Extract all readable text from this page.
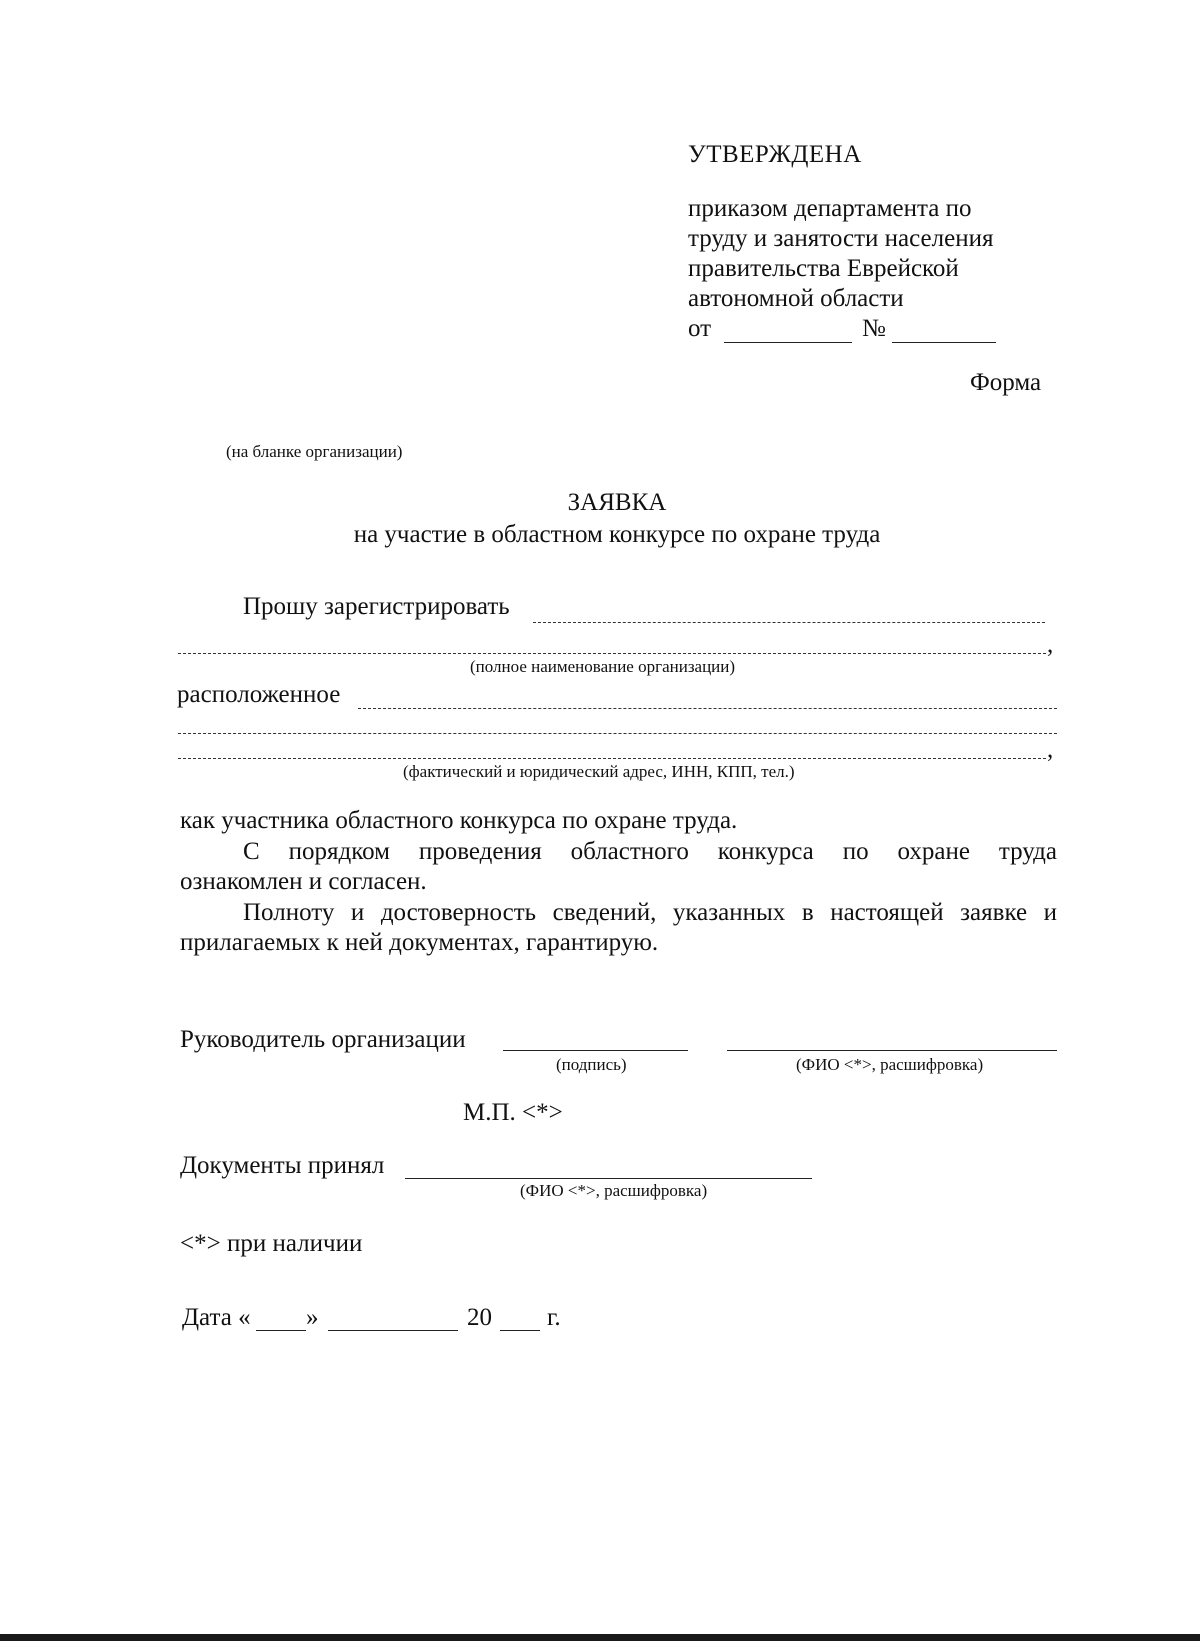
УТВЕРЖДЕНА
приказом департамента по
труду и занятости населения
правительства Еврейской
автономной области
от	№
Форма
(на бланке организации)
ЗАЯВКА
на участие в областном конкурсе по охране труда
Прошу зарегистрировать
,
(полное наименование организации)
расположенное
,
(фактический и юридический адрес, ИНН, КПП, тел.)
как участника областного конкурса по охране труда.
С порядком проведения областного конкурса по охране труда
ознакомлен и согласен.
Полноту и достоверность сведений, указанных в настоящей заявке и
прилагаемых к ней документах, гарантирую.
Руководитель организации
(подпись)	(ФИО <*>, расшифровка)
М.П. <*>
Документы принял
(ФИО <*>, расшифровка)
<*> при наличии
Дата « »	20 г.
